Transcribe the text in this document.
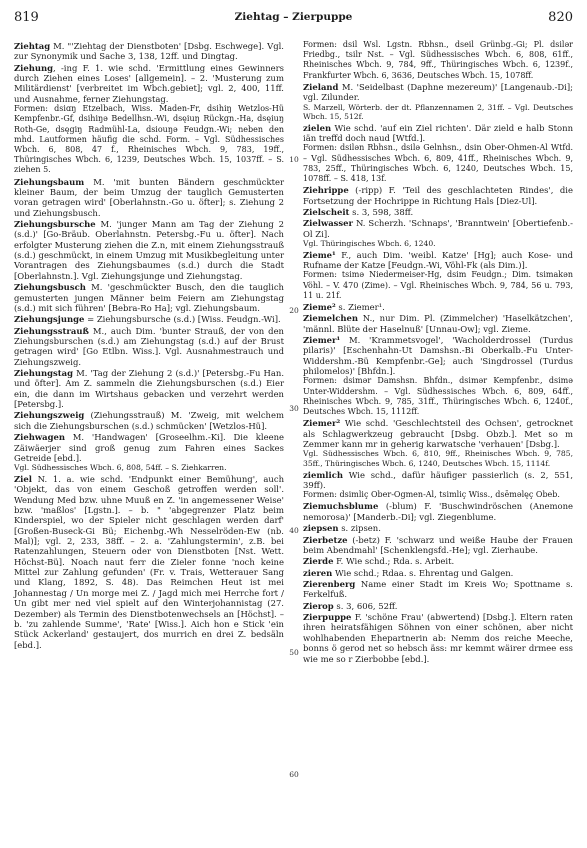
819	Ziehtag – Zierpuppe	820

Ziehtag M. "'Ziehtag der Dienstboten' [Dsbg. Eschwege]. Vgl. zur Synonymik und Sache 3, 138, 12ff. und Dingtag.

Ziehung, -ing F. 1. wie schd. 'Ermittlung eines Gewinners durch Ziehen eines Loses' [allgemein]. – 2. 'Musterung zum Militärdienst' [verbreitet im Wbch.gebiet]; vgl. 2, 400, 11ff. und Ausnahme, ferner Ziehungstag.

Formen: dsiɑŋ Etzelbach, Wiss. Maden-Fr, dsihiŋ Wetzlos-Hü Kempfenbr.-Gf, dsihiŋə Bedellhsn.-Wi, dsęiuŋ Rückgn.-Ha, dsęiuŋ Roth-Ge, dsęgiŋ Radmühl-La, dsiouŋə Feudgn.-Wi; neben den mhd. Lautformen häufig die schd. Form. – Vgl. Südhessisches Wbch. 6, 808, 47 f., Rheinisches Wbch. 9, 783, 19ff., Thüringisches Wbch. 6, 1239, Deutsches Wbch. 15, 1037ff. – S. ziehen 5.

Ziehungsbaum M. 'mit bunten Bändern geschmückter kleiner Baum, der beim Umzug der tauglich Gemusterten voran getragen wird' [Oberlahnstn.-Go u. öfter]; s. Ziehung 2 und Ziehungsbusch.

Ziehungsbursche M. 'junger Mann am Tag der Ziehung 2 (s.d.)' [Go-Bräub. Oberlahnstn. Petersbg.-Fu u. öfter]. Nach erfolgter Musterung ziehen die Z.n, mit einem Ziehungsstrauß (s.d.) geschmückt, in einem Umzug mit Musikbegleitung unter Vorantragen des Ziehungsbaumes (s.d.) durch die Stadt [Oberlahnstn.]. Vgl. Ziehungsjunge und Ziehungstag.

Ziehungsbusch M. 'geschmückter Busch, den die tauglich gemusterten jungen Männer beim Feiern am Ziehungstag (s.d.) mit sich führen' [Bebra-Ro Ha]; vgl. Ziehungsbaum.

Ziehungsjunge = Ziehungsbursche (s.d.) [Wiss. Feudgn.-Wi].

Ziehungsstrauß M., auch Dim. 'bunter Strauß, der von den Ziehungsburschen (s.d.) am Ziehungstag (s.d.) auf der Brust getragen wird' [Go Etlbn. Wiss.]. Vgl. Ausnahmestrauch und Ziehungszweig.

Ziehungstag M. 'Tag der Ziehung 2 (s.d.)' [Petersbg.-Fu Han. und öfter]. Am Z. sammeln die Ziehungsburschen (s.d.) Eier ein, die dann im Wirtshaus gebacken und verzehrt werden [Petersbg.].

Ziehungszweig (Ziehungsstrauß) M. 'Zweig, mit welchem sich die Ziehungsburschen (s.d.) schmücken' [Wetzlos-Hü].

Ziehwagen M. 'Handwagen' [Groseelhm.-Ki]. Die kleene Zäiwäerjer sind groß genug zum Fahren eines Sackes Getreide [ebd.].

Vgl. Südhessisches Wbch. 6, 808, 54ff. – S. Ziehkarren.

Ziel N. 1. a. wie schd. 'Endpunkt einer Bemühung', auch 'Objekt, das von einem Geschoß getroffen werden soll'. Wendung Med bzw. uhne Muuß en Z. 'in angemessener Weise' bzw. 'maßlos' [Lgstn.]. – b. " 'abgegrenzer Platz beim Kinderspiel, wo der Spieler nicht geschlagen werden darf' [Großen-Buseck-Gi Bü; Eichenbg.-Wh Nesselröden-Ew (nb. Mal)]; vgl. 2, 233, 38ff. – 2. a. 'Zahlungstermin', z.B. bei Ratenzahlungen, Steuern oder von Dienstboten [Nst. Wett. Höchst-Bü]. Noach naut ferr die Zieler fonne 'noch keine Mittel zur Zahlung gefunden' (Fr. v. Trais, Wetterauer Sang und Klang, 1892, S. 48). Das Reimchen Heut ist mei Johannestag / Un morge mei Z. / Jagd mich mei Herrche fort / Un gibt mer ned viel spielt auf den Winterjohannistag (27. Dezember) als Termin des Dienstbotenwechsels an [Höchst]. – b. 'zu zahlende Summe', 'Rate' [Wiss.]. Aich hon e Stick 'ein Stück Ackerland' gestaujert, dos murrich en drei Z. bedsäln [ebd.].

10
20
30
40
50
60

Formen: dsil Wsl. Lgstn. Rbhsn., dseil Grünbg.-Gi; Pl. dsilər Friedbg., tsilr Nst. – Vgl. Südhessisches Wbch. 6, 808, 61ff., Rheinisches Wbch. 9, 784, 9ff., Thüringisches Wbch. 6, 1239f., Frankfurter Wbch. 6, 3636, Deutsches Wbch. 15, 1078ff.

Zieland M. 'Seidelbast (Daphne mezereum)' [Langenaub.-Di]; vgl. Zilunder.

S. Marzell, Wörterb. der dt. Pflanzennamen 2, 31ff. – Vgl. Deutsches Wbch. 15, 512f.

zielen Wie schd. 'auf ein Ziel richten'. Där zield e halb Stonn iän treffd doch naud [Wtfd.].

Formen: dsilən Rbhsn., dsilə Gelnhsn., dsin Ober-Ohmen-Al Wtfd. – Vgl. Südhessisches Wbch. 6, 809, 41ff., Rheinisches Wbch. 9, 783, 25ff., Thüringisches Wbch. 6, 1240, Deutsches Wbch. 15, 1078ff. – S. 418, 13f.

Ziehrippe (-ripp) F. 'Teil des geschlachteten Rindes', die Fortsetzung der Hochrippe in Richtung Hals [Diez-Ul].

Zielscheit s. 3, 598, 38ff.

Zielwasser N. Scherzh. 'Schnaps', 'Branntwein' [Obertiefenb.-Ol Zi].

Vgl. Thüringisches Wbch. 6, 1240.

Zieme¹ F., auch Dim. 'weibl. Katze' [Hg]; auch Kose- und Rufname der Katze [Feudgn.-Wi, Vöhl-Fk (als Dim.)].

Formen: tsimə Niedermeiser-Hg, dsim Feudgn.; Dim. tsimakən Vöhl. – V. 470 (Zime). – Vgl. Rheinisches Wbch. 9, 784, 56 u. 793, 11 u. 21f.

Zieme² s. Ziemer¹.

Ziemelchen N., nur Dim. Pl. (Zimmelcher) 'Haselkätzchen', 'männl. Blüte der Haselnuß' [Unnau-Ow]; vgl. Zieme.

Ziemer¹ M. 'Krammetsvogel', 'Wacholderdrossel (Turdus pilaris)' [Eschenhahn-Ut Damshsn.-Bi Oberkalb.-Fu Unter-Widdershm.-Bü Kempfenbr.-Ge]; auch 'Singdrossel (Turdus philomelos)' [Bhfdn.].

Formen: dsimər Damshsn. Bhfdn., dsimər Kempfenbr., dsimə Unter-Widdershm. – Vgl. Südhessisches Wbch. 6, 809, 64ff., Rheinisches Wbch. 9, 785, 31ff., Thüringisches Wbch. 6, 1240f., Deutsches Wbch. 15, 1112ff.

Ziemer² Wie schd. 'Geschlechtsteil des Ochsen', getrocknet als Schlagwerkzeug gebraucht [Dsbg. Obzb.]. Met so m Zemmer kann mr in geherig karwatsche 'verhauen' [Dsbg.].

Vgl. Südhessisches Wbch. 6, 810, 9ff., Rheinisches Wbch. 9, 785, 35ff., Thüringisches Wbch. 6, 1240, Deutsches Wbch. 15, 1114f.

ziemlich Wie schd., dafür häufiger passierlich (s. 2, 551, 39ff).

Formen: dsimliç Ober-Ogmen-Al, tsimliç Wiss., dsēməlęç Obeb.

Ziemuchsblume (-blum) F. 'Buschwindröschen (Anemone nemorosa)' [Manderb.-Di]; vgl. Ziegenblume.

ziepsen s. zipsen.

Zierbetze (-betz) F. 'schwarz und weiße Haube der Frauen beim Abendmahl' [Schenklengsfd.-He]; vgl. Zierhaube.

Zierde F. Wie schd.; Rda. s. Arbeit.

zieren Wie schd.; Rdaa. s. Ehrentag und Galgen.

Zierenberg Name einer Stadt im Kreis Wo; Spottname s. Ferkelfuß.

Zierop s. 3, 606, 52ff.

Zierpuppe F. 'schöne Frau' (abwertend) [Dsbg.]. Eltern raten ihren heiratsfähigen Söhnen von einer schönen, aber nicht wohlhabenden Ehepartnerin ab: Nemm dos reiche Meeche, bonns ö gerod net so hebsch äss: mr kemmt wäirer drmee ess wie me so r Zierbobbe [ebd.].
